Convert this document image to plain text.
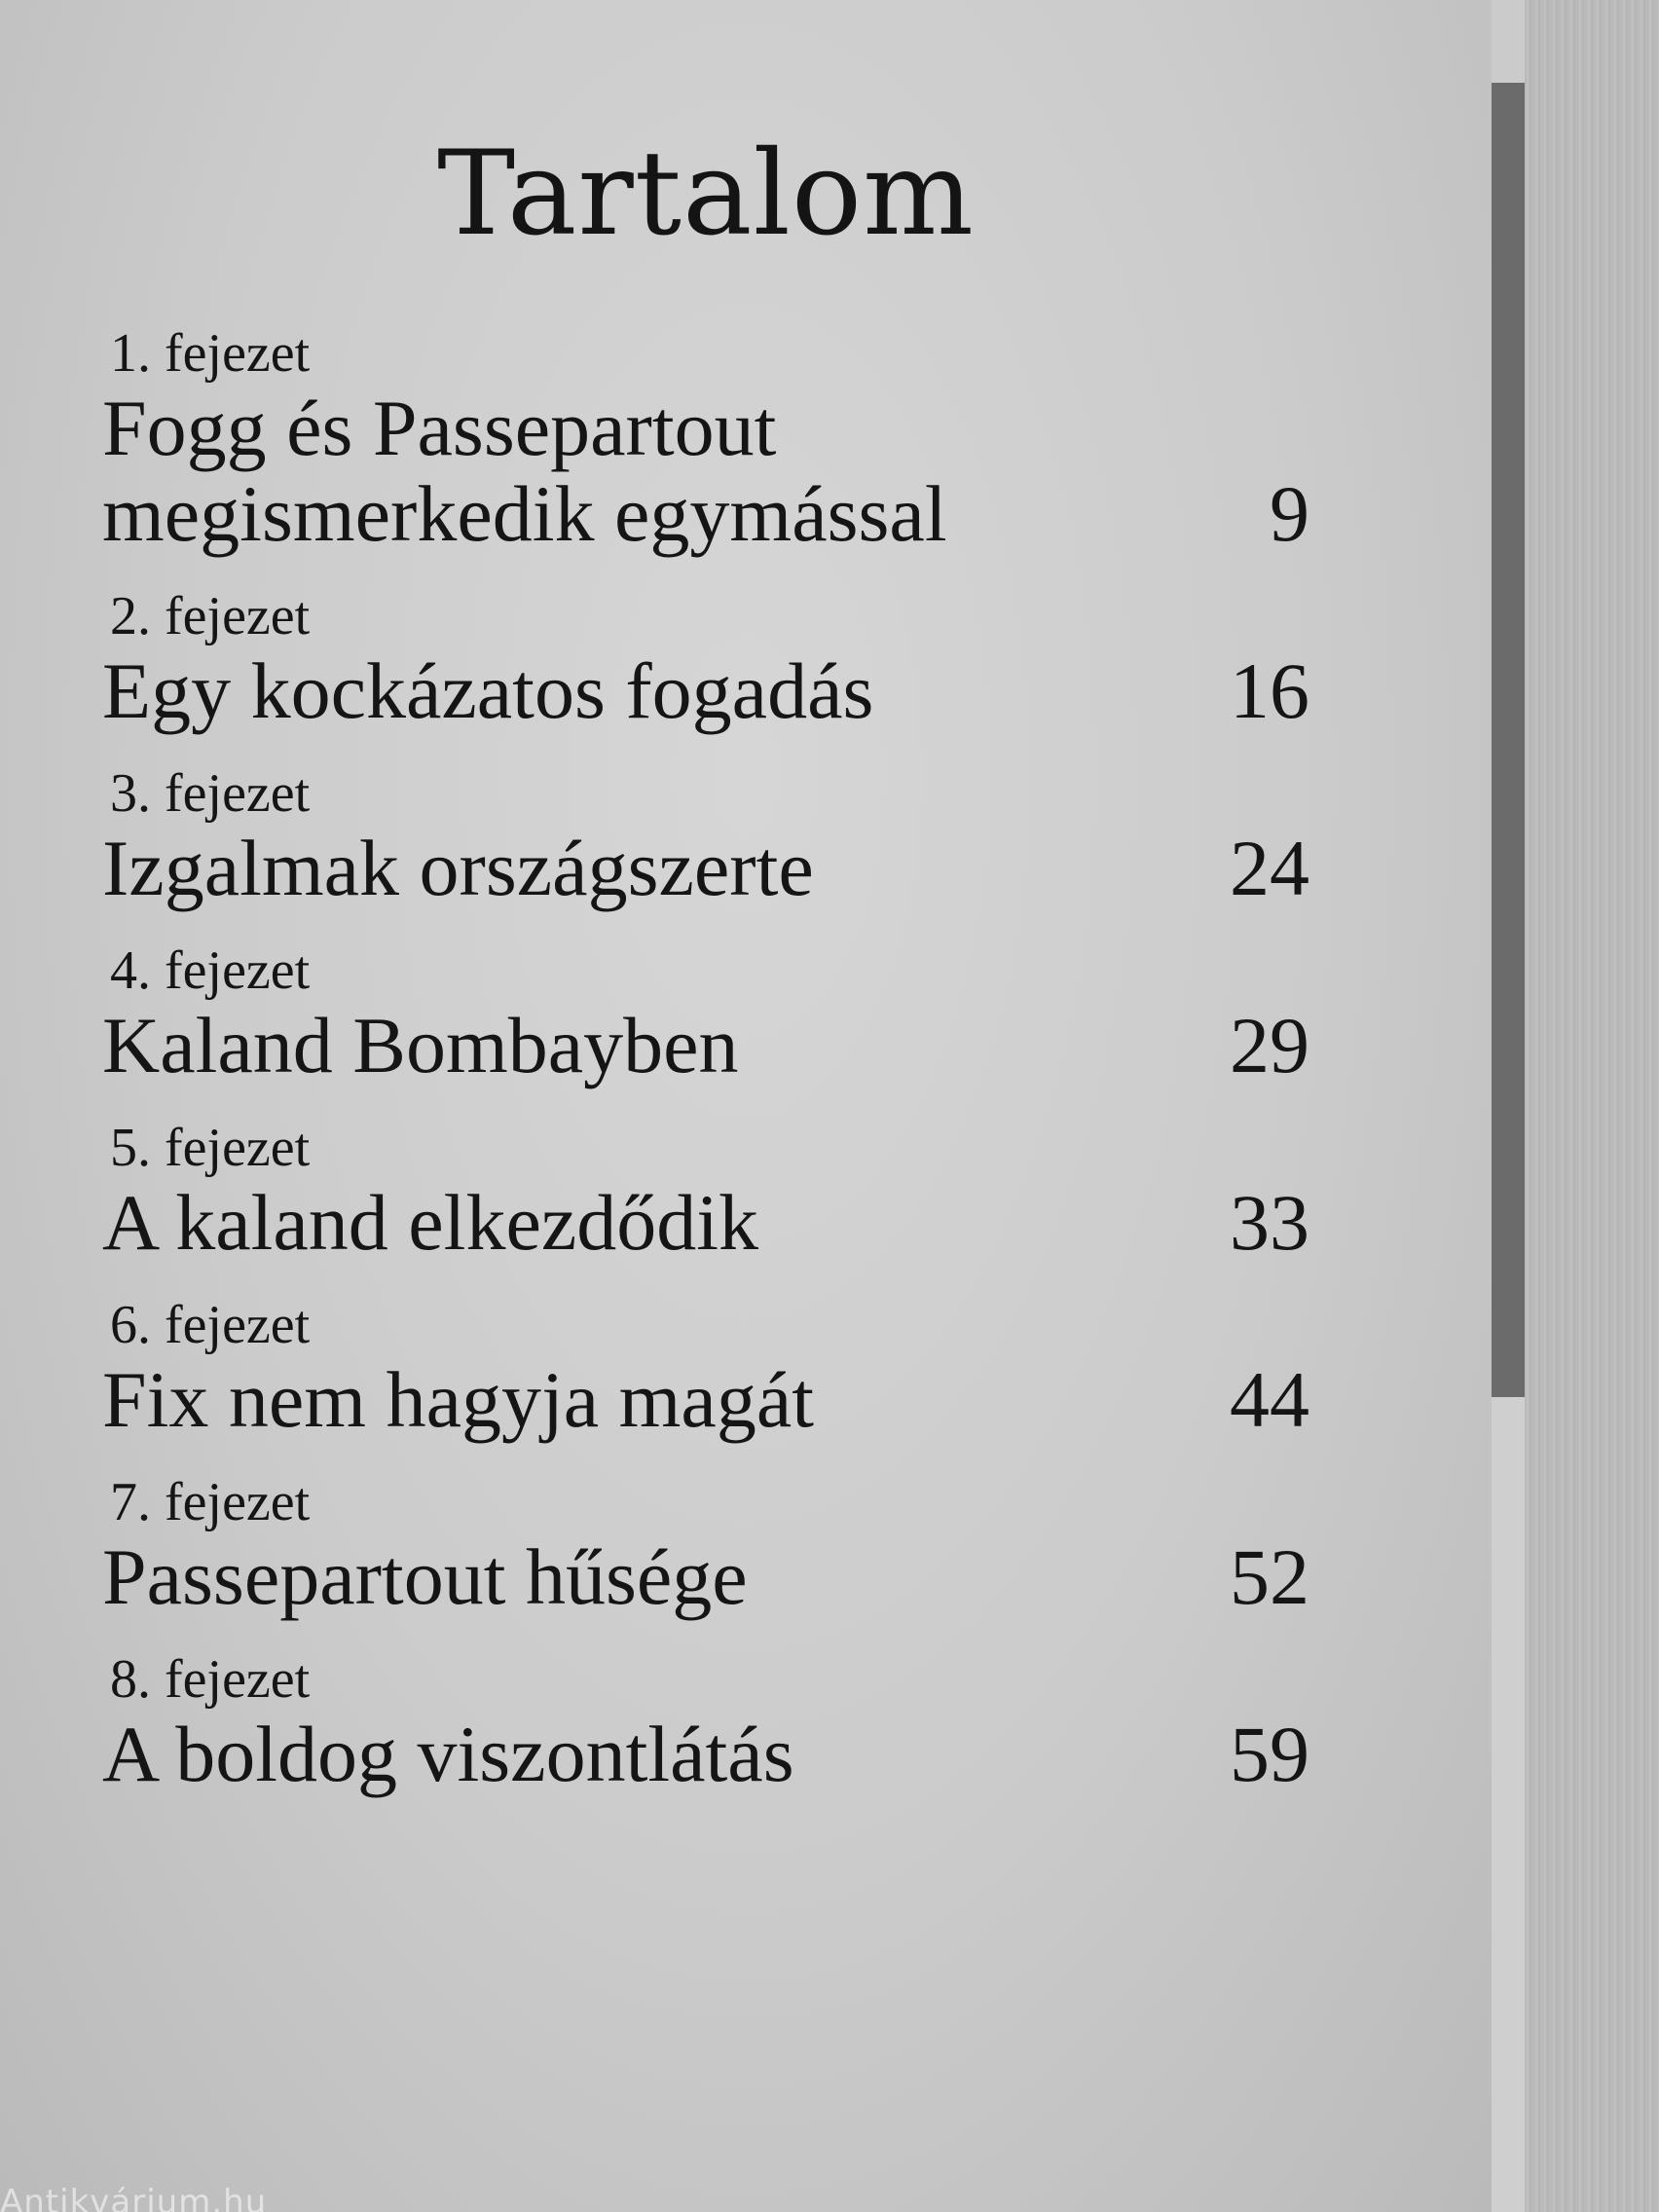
Tartalom
1. fejezet
Fogg és Passepartout
megismerkedik egymással	9
2. fejezet
Egy kockázatos fogadás	16
3. fejezet
Izgalmak országszerte	24
4. fejezet
Kaland Bombayben	29
5. fejezet
A kaland elkezdődik	33
6. fejezet
Fix nem hagyja magát	44
7. fejezet
Passepartout hűsége	52
8. fejezet
A boldog viszontlátás	59
Antikvárium.hu
